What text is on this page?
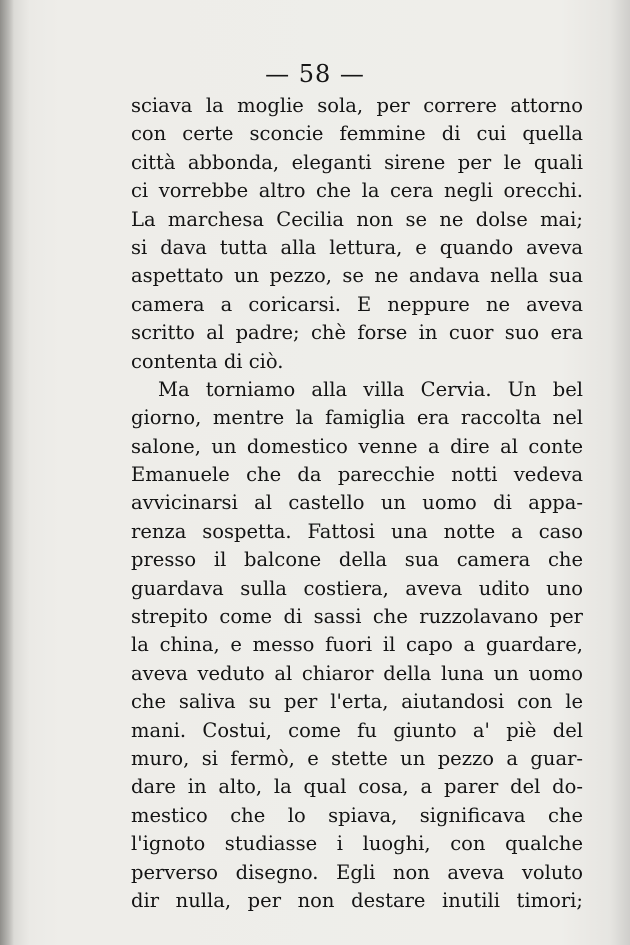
— 58 —
sciava la moglie sola, per correre attorno
con certe sconcie femmine di cui quella
città abbonda, eleganti sirene per le quali
ci vorrebbe altro che la cera negli orecchi.
La marchesa Cecilia non se ne dolse mai;
si dava tutta alla lettura, e quando aveva
aspettato un pezzo, se ne andava nella sua
camera a coricarsi. E neppure ne aveva
scritto al padre; chè forse in cuor suo era
contenta di ciò.
Ma torniamo alla villa Cervia. Un bel
giorno, mentre la famiglia era raccolta nel
salone, un domestico venne a dire al conte
Emanuele che da parecchie notti vedeva
avvicinarsi al castello un uomo di appa-
renza sospetta. Fattosi una notte a caso
presso il balcone della sua camera che
guardava sulla costiera, aveva udito uno
strepito come di sassi che ruzzolavano per
la china, e messo fuori il capo a guardare,
aveva veduto al chiaror della luna un uomo
che saliva su per l'erta, aiutandosi con le
mani. Costui, come fu giunto a' piè del
muro, si fermò, e stette un pezzo a guar-
dare in alto, la qual cosa, a parer del do-
mestico che lo spiava, significava che
l'ignoto studiasse i luoghi, con qualche
perverso disegno. Egli non aveva voluto
dir nulla, per non destare inutili timori;
